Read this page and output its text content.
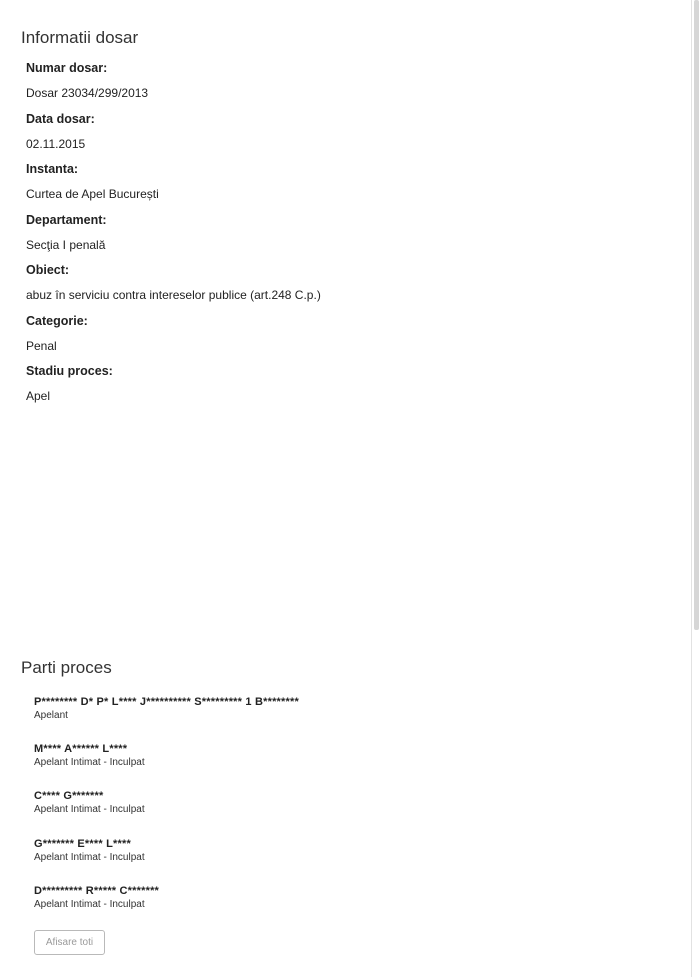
Informatii dosar
Numar dosar:
Dosar 23034/299/2013
Data dosar:
02.11.2015
Instanta:
Curtea de Apel București
Departament:
Secţia I penală
Obiect:
abuz în serviciu contra intereselor publice (art.248 C.p.)
Categorie:
Penal
Stadiu proces:
Apel
Parti proces
P******** D* P* L**** J********** S********* 1 B********
Apelant
M**** A****** L****
Apelant Intimat - Inculpat
C**** G*******
Apelant Intimat - Inculpat
G******* E**** L****
Apelant Intimat - Inculpat
D********* R***** C*******
Apelant Intimat - Inculpat
Afisare toti
